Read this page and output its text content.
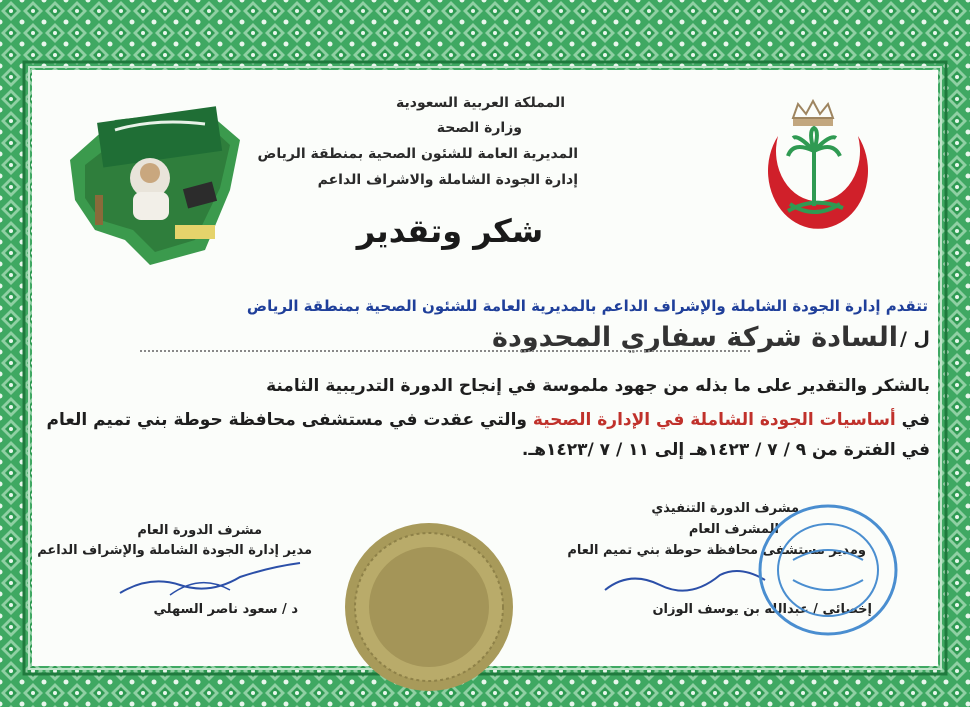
المملكة العربية السعودية
وزارة الصحة
المديرية العامة للشئون الصحية بمنطقة الرياض
إدارة الجودة الشاملة والاشراف الداعم
شكر وتقدير
تتقدم إدارة الجودة الشاملة والإشراف الداعم بالمديرية العامة للشئون الصحية بمنطقة الرياض
ل /
السادة شركة سفاري المحدودة
بالشكر والتقدير على ما بذله من جهود ملموسة في إنجاح الدورة التدريبية الثامنة
في أساسيات الجودة الشاملة في الإدارة الصحية والتي عقدت في مستشفى محافظة حوطة بني تميم العام
في الفترة من ٩ / ٧ / ١٤٢٣هـ إلى ١١ / ٧ /١٤٢٣هـ.
مشرف الدورة العام
مدير إدارة الجودة الشاملة والإشراف الداعم
د / سعود ناصر السهلي
مشرف الدورة التنفيذي
المشرف العام
ومدير مستشفى محافظة حوطة بني تميم العام
إخصائي / عبدالله بن يوسف الوزان
